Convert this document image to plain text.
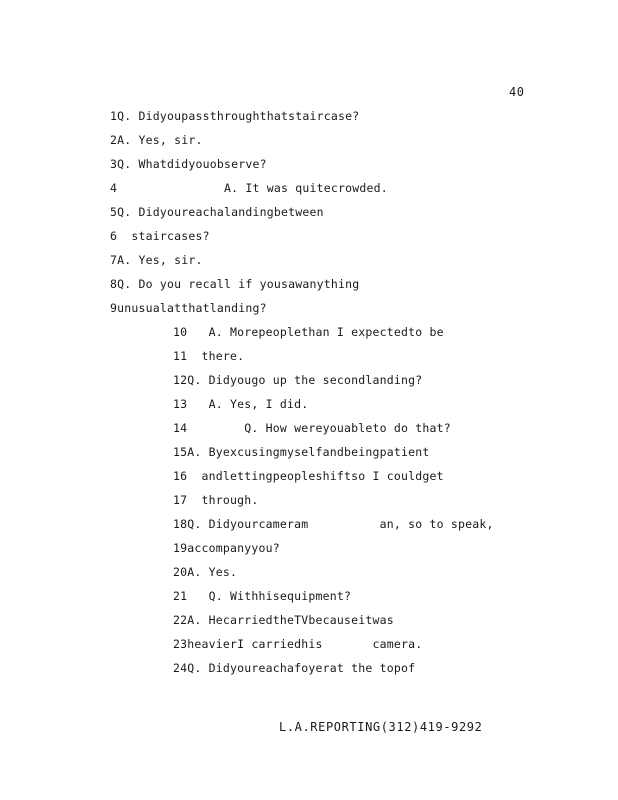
40
1Q. Didyoupassthroughthatstaircase?
2A. Yes, sir.
3Q. Whatdidyouobserve?
4               A. It was quitecrowded.
5Q. Didyoureachalandingbetween
6  staircases?
7A. Yes, sir.
8Q. Do you recall if yousawanything
9unusualatthatlanding?
10   A. Morepeoplethan I expectedto be
11  there.
12Q. Didyougo up the secondlanding?
13   A. Yes, I did.
14        Q. How wereyouableto do that?
15A. Byexcusingmyselfandbeingpatient
16  andlettingpeopleshiftso I couldget
17  through.
18Q. Didyourcameram          an, so to speak,
19accompanyyou?
20A. Yes.
21   Q. Withhisequipment?
22A. HecarriedtheTVbecauseitwas
23heavierI carriedhis       camera.
24Q. Didyoureachafoyerat the topof
L.A.REPORTING(312)419-9292
